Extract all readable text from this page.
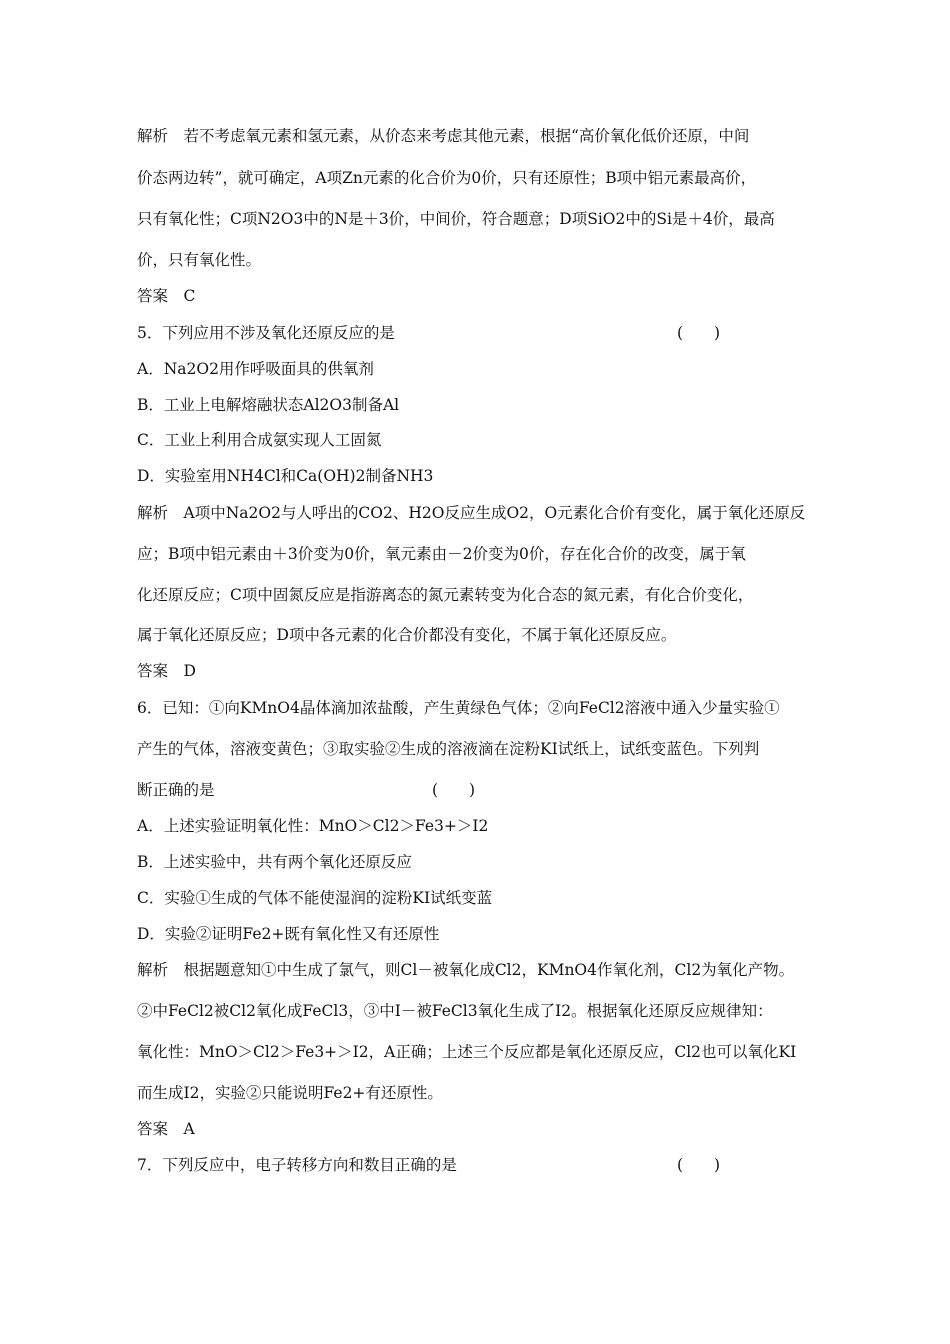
解析　若不考虑氧元素和氢元素，从价态来考虑其他元素，根据“高价氧化低价还原，中间
价态两边转”，就可确定，A项Zn元素的化合价为0价，只有还原性；B项中铝元素最高价，
只有氧化性；C项N2O3中的N是＋3价，中间价，符合题意；D项SiO2中的Si是＋4价，最高
价，只有氧化性。
答案　C
5．下列应用不涉及氧化还原反应的是	(　　)
A．Na2O2用作呼吸面具的供氧剂
B．工业上电解熔融状态Al2O3制备Al
C．工业上利用合成氨实现人工固氮
D．实验室用NH4Cl和Ca(OH)2制备NH3
解析　A项中Na2O2与人呼出的CO2、H2O反应生成O2，O元素化合价有变化，属于氧化还原反
应；B项中铝元素由＋3价变为0价，氧元素由－2价变为0价，存在化合价的改变，属于氧
化还原反应；C项中固氮反应是指游离态的氮元素转变为化合态的氮元素，有化合价变化，
属于氧化还原反应；D项中各元素的化合价都没有变化，不属于氧化还原反应。
答案　D
6．已知：①向KMnO4晶体滴加浓盐酸，产生黄绿色气体；②向FeCl2溶液中通入少量实验①
产生的气体，溶液变黄色；③取实验②生成的溶液滴在淀粉KI试纸上，试纸变蓝色。下列判
断正确的是	(　　)
A．上述实验证明氧化性：MnO＞Cl2＞Fe3+＞I2
B．上述实验中，共有两个氧化还原反应
C．实验①生成的气体不能使湿润的淀粉KI试纸变蓝
D．实验②证明Fe2+既有氧化性又有还原性
解析　根据题意知①中生成了氯气，则Cl－被氧化成Cl2，KMnO4作氧化剂，Cl2为氧化产物。
②中FeCl2被Cl2氧化成FeCl3，③中I－被FeCl3氧化生成了I2。根据氧化还原反应规律知：
氧化性：MnO＞Cl2＞Fe3+＞I2，A正确；上述三个反应都是氧化还原反应，Cl2也可以氧化KI
而生成I2，实验②只能说明Fe2+有还原性。
答案　A
7．下列反应中，电子转移方向和数目正确的是	(　　)
